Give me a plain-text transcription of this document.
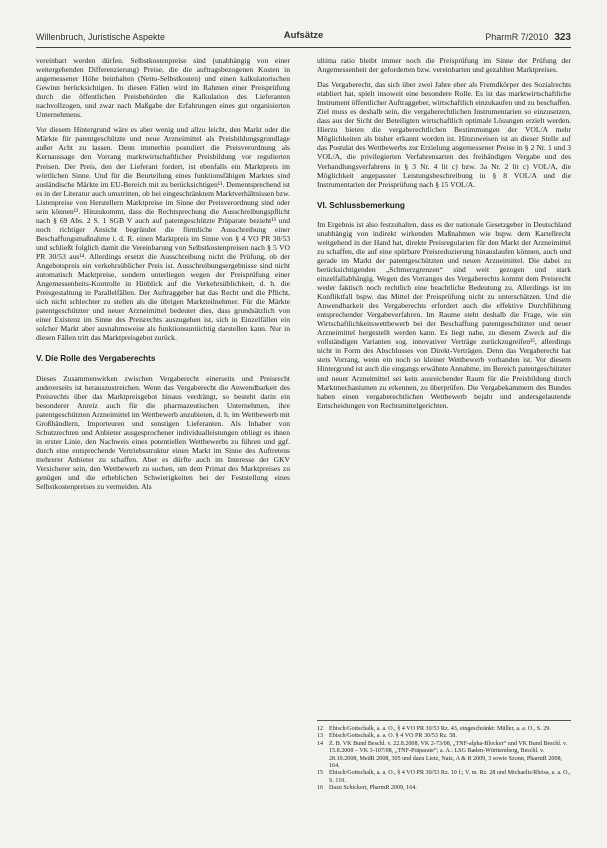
Willenbruch, Juristische Aspekte	Aufsätze	PharmR 7/2010 323

vereinbart werden dürfen. Selbstkostenpreise sind (unabhängig von einer weitergehenden Differenzierung) Preise, die die auftragsbezogenen Kosten in angemessener Höhe beinhalten (Netto-Selbstkosten) und einen kalkulatorischen Gewinn berücksichtigen. In diesen Fällen wird im Rahmen einer Preisprüfung durch die öffentlichen Preisbehörden die Kalkulation des Lieferanten nachvollzogen, und zwar nach Maßgabe der Erfahrungen eines gut organisierten Unternehmens.

Vor diesem Hintergrund wäre es aber wenig und allzu leicht, den Markt oder die Märkte für patentgeschützte und neue Arzneimittel als Preisbildungsgrundlage außer Acht zu lassen. Denn immerhin postuliert die Preisverordnung als Kernaussage den Vorrang marktwirtschaftlicher Preisbildung vor regulierten Preisen. Der Preis, den der Lieferant fordert, ist ebenfalls ein Marktpreis im wörtlichen Sinne. Und für die Beurteilung eines funktionsfähigen Marktes sind ausländische Märkte im EU-Bereich mit zu berücksichtigen¹¹. Dementsprechend ist es in der Literatur auch umstritten, ob bei eingeschränktem Marktverhältnissen bzw. Listenpreise von Herstellern Marktpreise im Sinne der Preisverordnung sind oder sein können¹². Hinzukommt, dass die Rechtsprechung die Ausschreibungspflicht nach § 69 Abs. 2 S. 1 SGB V auch auf patentgeschützte Präparate bezieht¹³ und noch richtiger Ansicht begründet die förmliche Ausschreibung einer Beschaffungsmaßnahme i. d. R. einen Marktpreis im Sinne von § 4 VO PR 30/53 und schließt folglich damit die Vereinbarung von Selbstkostenpreisen nach § 5 VO PR 30/53 aus¹⁴. Allerdings ersetzt die Ausschreibung nicht die Prüfung, ob der Angebotspreis ein verkehrsüblicher Preis ist. Ausschreibungsergebnisse sind nicht automatisch Marktpreise, sondern unterliegen wegen der Preisprüfung einer Angemessenheits-Kontrolle in Hinblick auf die Verkehrsüblichkeit, d. h. die Preisgestaltung in Parallelfällen. Der Auftraggeber hat das Recht und die Pflicht, sich nicht schlechter zu stellen als die übrigen Marktteilnehmer. Für die Märkte patentgeschützter und neuer Arzneimittel bedeutet dies, dass grundsätzlich von einer Existenz im Sinne des Preisrechts auszugehen ist, sich in Einzelfällen ein solcher Markt aber ausnahmsweise als funktionsuntüchtig darstellen kann. Nur in diesen Fällen tritt das Marktpreisgebot zurück.

V. Die Rolle des Vergaberechts

Dieses Zusammenwirken zwischen Vergaberecht einerseits und Preisrecht andererseits ist herauszustreichen. Wenn das Vergaberecht die Anwendbarkeit des Preisrechts über das Marktpreisgebot hinaus verdrängt, so besteht darin ein besonderer Anreiz auch für die pharmazeutischen Unternehmen, ihre patentgeschützten Arzneimittel im Wettbewerb anzubieten, d. h. im Wettbewerb mit Großhändlern, Importeuren und sonstigen Lieferanten. Als Inhaber von Schutzrechten und Anbieter ausgesprochener individualleistungen obliegt es ihnen in erster Linie, den Nachweis eines potentiellen Wettbewerbs zu führen und ggf. durch eine entsprechende Vertriebsstruktur einen Markt im Sinne des Auftretens mehrerer Anbieter zu schaffen. Aber es dürfte auch im Interesse der GKV Versicherer sein, den Wettbewerb zu suchen, um dem Primat des Marktpreises zu genügen und die erheblichen Schwierigkeiten bei der Feststellung eines Selbstkostenpreises zu vermeiden. Als

ultima ratio bleibt immer noch die Preisprüfung im Sinne der Prüfung der Angemessenheit der geforderten bzw. vereinbarten und gezahlten Marktpreises.

Das Vergaberecht, das sich über zwei Jahre eher als Fremdkörper des Sozialrechts etabliert hat, spielt insoweit eine besondere Rolle. Es ist das marktwirtschaftliche Instrument öffentlicher Auftraggeber, wirtschaftlich einzukaufen und zu beschaffen. Ziel muss es deshalb sein, die vergaberechtlichen Instrumentarien so einzusetzen, dass aus der Sicht der Beteiligten wirtschaftlich optimale Lösungen erzielt werden. Hierzu bieten die vergaberechtlichen Bestimmungen der VOL/A mehr Möglichkeiten als bisher erkannt worden ist. Hinzuweisen ist an dieser Stelle auf das Postulat des Wettbewerbs zur Erzielung angemessener Preise in § 2 Nr. 1 und 3 VOL/A, die privilegierten Verfahrensarten des freihändigen Vergabe und des Verhandlungsverfahrens in § 3 Nr. 4 lit c) bzw. 3a Nr. 2 lit c) VOL/A, die Möglichkeit angepasster Leistungsbeschreibung in § 8 VOL/A und die Instrumentarien der Preisprüfung nach § 15 VOL/A.

VI. Schlussbemerkung

Im Ergebnis ist also festzuhalten, dass es der nationale Gesetzgeber in Deutschland unabhängig von indirekt wirkenden Maßnahmen wie bspw. dem Kartellrecht weitgehend in der Hand hat, direkte Preisregularien für den Markt der Arzneimittel zu schaffen, die auf eine spürbare Preisreduzierung hinauslaufen können, auch und gerade im Markt der patentgeschützten und neuen Arzneimittel. Die dabei zu berücksichtigenden „Schmerzgrenzen“ sind weit gezogen und stark einzelfallabhängig. Wegen des Vorranges des Vergaberechts kommt dem Preisrecht weder faktisch noch rechtlich eine beachtliche Bedeutung zu. Allerdings ist im Konfliktfall bspw. das Mittel der Preisprüfung nicht zu unterschätzen. Und die Anwendbarkeit des Vergaberechts erfordert auch die effektive Durchführung entsprechender Vergabeverfahren. Im Raume steht deshalb die Frage, wie ein Wirtschaftlichkeitswettbewerb bei der Beschaffung patentgeschützter und neuer Arzneimittel hergestellt werden kann. Es liegt nahe, zu diesem Zweck auf die vollständigen Varianten sog. innovativer Verträge zurückzugreifen¹⁵, allerdings nicht in Form des Abschlusses von Direkt-Verträgen. Denn das Vergaberecht hat stets Vorrang, wenn ein noch so kleiner Wettbewerb vorhanden ist. Vor diesem Hintergrund ist auch die eingangs erwähnte Annahme, im Bereich patentgeschützter und neuer Arzneimittel sei kein ausreichender Raum für die Preisbildung durch Marktmechanismen zu erkennen, zu überprüfen. Die Vergabekammern des Bundes haben einen vergaberechtlichen Wettbewerb bejaht und andersgelautende Entscheidungen von Rechtsmittelgerichten.

12 Ebisch/Gottschalk, a. a. O., § 4 VO PR 30/53 Rz. 43, eingeschränkt: Müller, a. a. O., S. 29.
13 Ebisch/Gottschalk, a. a. O. § 4 VO PR 30/53 Rz. 58.
14 Z. B. VK Bund Beschl. v. 22.8.2008, VK 2-73/08, „TNF-alpha-Blocker“ und VK Bund Beschl. v. 15.8.2008 – VK 3-107/08, „TNF-Präparate“; a. A.: LSG Baden-Württemberg, Beschl. v. 28.10.2008, MedR 2008, 305 und dazu Lietz, Natz, A & R 2009, 3 sowie Szonn, PharmR 2008, 164.
15 Ebisch/Gottschalk, a. a. O., § 4 VO PR 30/53 Rz. 10 f.; V. m. Rz. 28 und Michaelis/Rhösa, a. a. O., S. 119.
16 Dazu Schickert, PharmR 2009, 164.
